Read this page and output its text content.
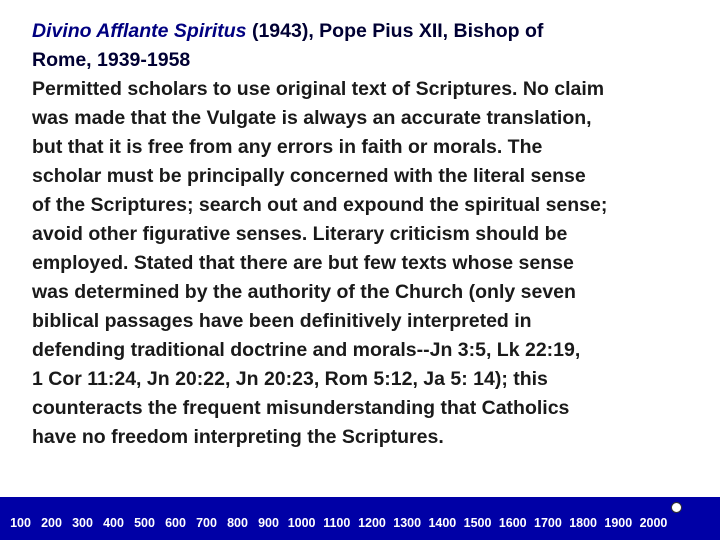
Divino Afflante Spiritus (1943), Pope Pius XII, Bishop of
Rome, 1939-1958
Permitted scholars to use original text of Scriptures. No claim
was made that the Vulgate is always an accurate translation,
but that it is free from any errors in faith or morals. The
scholar must be principally concerned with the literal sense
of the Scriptures; search out and expound the spiritual sense;
avoid other figurative senses. Literary criticism should be
employed. Stated that there are but few texts whose sense
was determined by the authority of the Church (only seven
biblical passages have been definitively interpreted in
defending traditional doctrine and morals--Jn 3:5, Lk 22:19,
1 Cor 11:24, Jn 20:22, Jn 20:23, Rom 5:12, Ja 5: 14); this
counteracts the frequent misunderstanding that Catholics
have no freedom interpreting the Scriptures.
100 200 300 400 500 600 700 800 900 1000 1100 1200 1300 1400 1500 1600 1700 1800 1900 2000
